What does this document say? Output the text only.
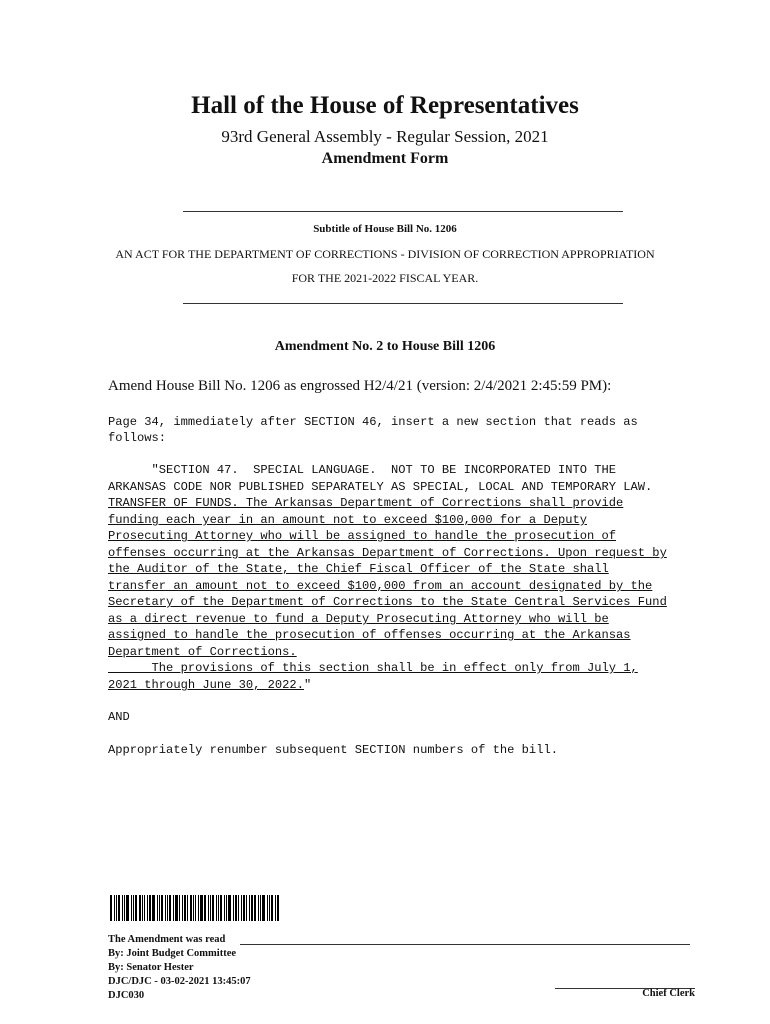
Hall of the House of Representatives
93rd General Assembly - Regular Session, 2021
Amendment Form
Subtitle of House Bill No. 1206
AN ACT FOR THE DEPARTMENT OF CORRECTIONS - DIVISION OF CORRECTION APPROPRIATION
FOR THE 2021-2022 FISCAL YEAR.
Amendment No. 2 to House Bill 1206
Amend House Bill No. 1206 as engrossed H2/4/21 (version: 2/4/2021 2:45:59 PM):
Page 34, immediately after SECTION 46, insert a new section that reads as
follows:
"SECTION 47.  SPECIAL LANGUAGE.  NOT TO BE INCORPORATED INTO THE
ARKANSAS CODE NOR PUBLISHED SEPARATELY AS SPECIAL, LOCAL AND TEMPORARY LAW.
TRANSFER OF FUNDS. The Arkansas Department of Corrections shall provide
funding each year in an amount not to exceed $100,000 for a Deputy
Prosecuting Attorney who will be assigned to handle the prosecution of
offenses occurring at the Arkansas Department of Corrections. Upon request by
the Auditor of the State, the Chief Fiscal Officer of the State shall
transfer an amount not to exceed $100,000 from an account designated by the
Secretary of the Department of Corrections to the State Central Services Fund
as a direct revenue to fund a Deputy Prosecuting Attorney who will be
assigned to handle the prosecution of offenses occurring at the Arkansas
Department of Corrections.
The provisions of this section shall be in effect only from July 1,
2021 through June 30, 2022."
AND
Appropriately renumber subsequent SECTION numbers of the bill.
The Amendment was read
By: Joint Budget Committee
By: Senator Hester
DJC/DJC - 03-02-2021 13:45:07
DJC030	Chief Clerk
